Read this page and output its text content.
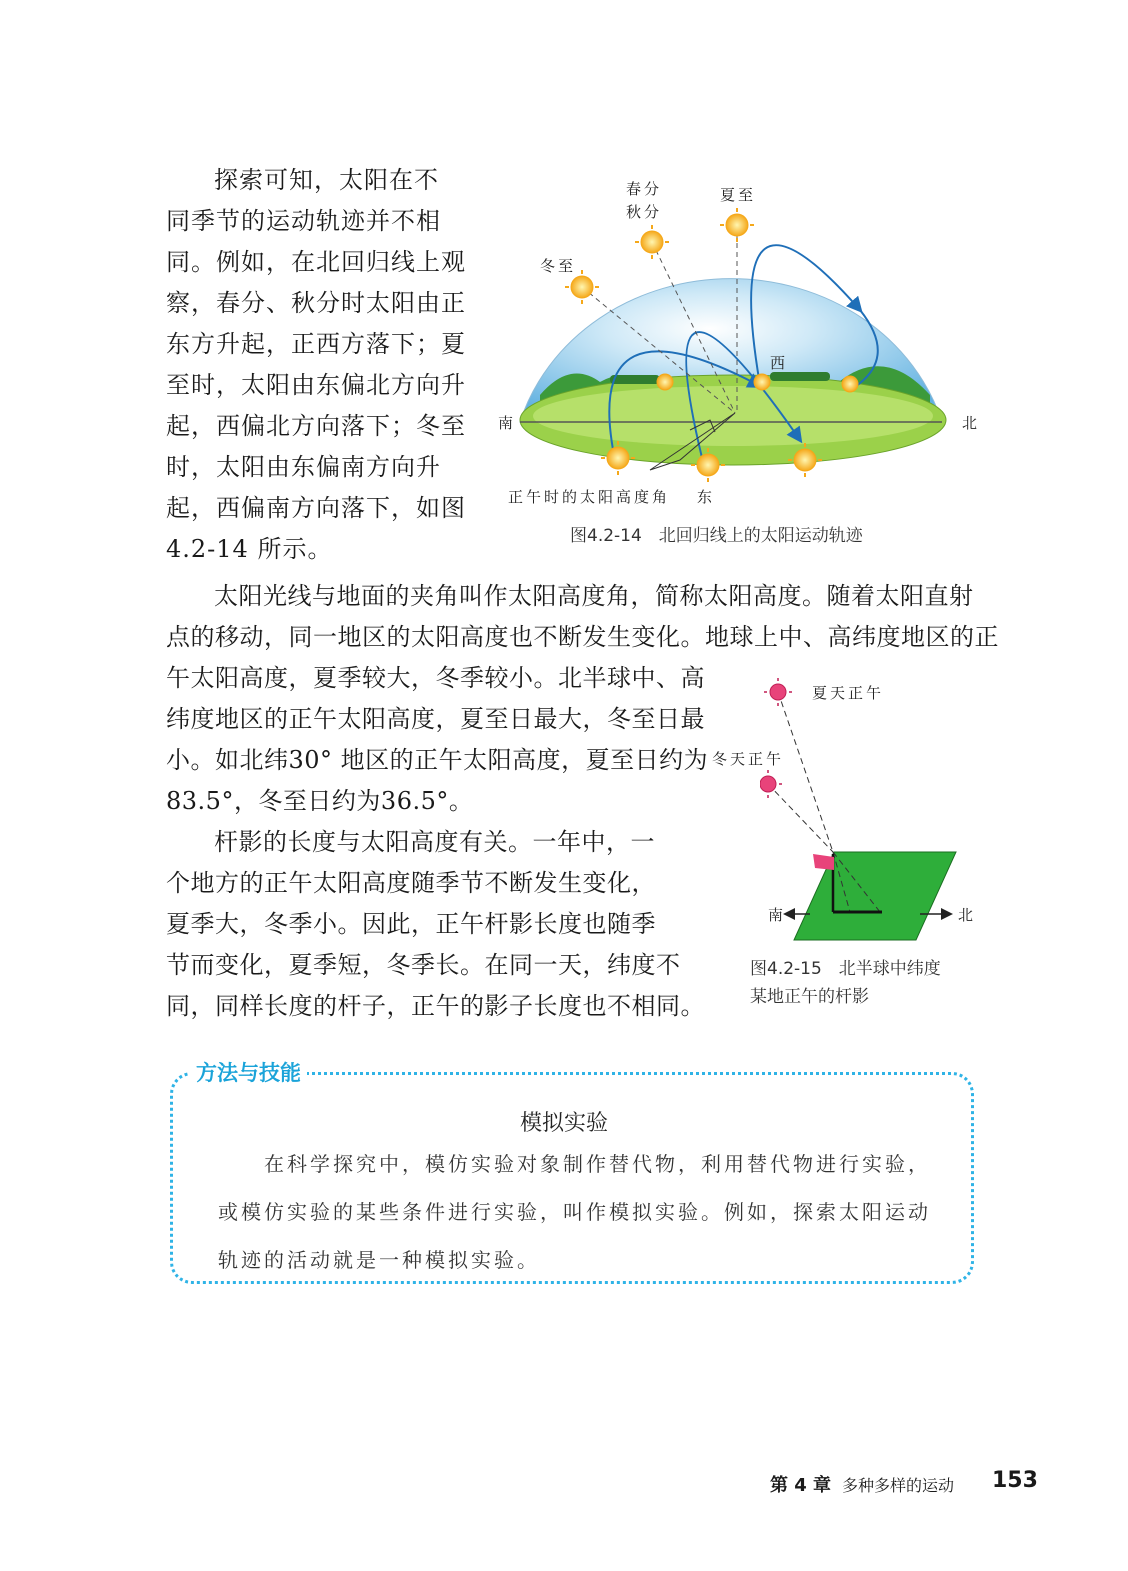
探索可知，太阳在不
同季节的运动轨迹并不相
同。例如，在北回归线上观
察，春分、秋分时太阳由正
东方升起，正西方落下；夏
至时，太阳由东偏北方向升
起，西偏北方向落下；冬至
时，太阳由东偏南方向升
起，西偏南方向落下，如图
4.2-14 所示。
春分
秋分
夏至
冬至
西
南	北
正午时的太阳高度角 东
图4.2-14　北回归线上的太阳运动轨迹
太阳光线与地面的夹角叫作太阳高度角，简称太阳高度。随着太阳直射
点的移动，同一地区的太阳高度也不断发生变化。地球上中、高纬度地区的正
午太阳高度，夏季较大，冬季较小。北半球中、高
纬度地区的正午太阳高度，夏至日最大，冬至日最
小。如北纬30° 地区的正午太阳高度，夏至日约为
83.5°，冬至日约为36.5°。
杆影的长度与太阳高度有关。一年中，一
个地方的正午太阳高度随季节不断发生变化，
夏季大，冬季小。因此，正午杆影长度也随季
节而变化，夏季短，冬季长。在同一天，纬度不
同，同样长度的杆子，正午的影子长度也不相同。
夏天正午
冬天正午
南	北
图4.2-15　北半球中纬度
某地正午的杆影
方法与技能
模拟实验
在科学探究中，模仿实验对象制作替代物，利用替代物进行实验，
或模仿实验的某些条件进行实验，叫作模拟实验。例如，探索太阳运动
轨迹的活动就是一种模拟实验。
第 4 章 多种多样的运动 153
